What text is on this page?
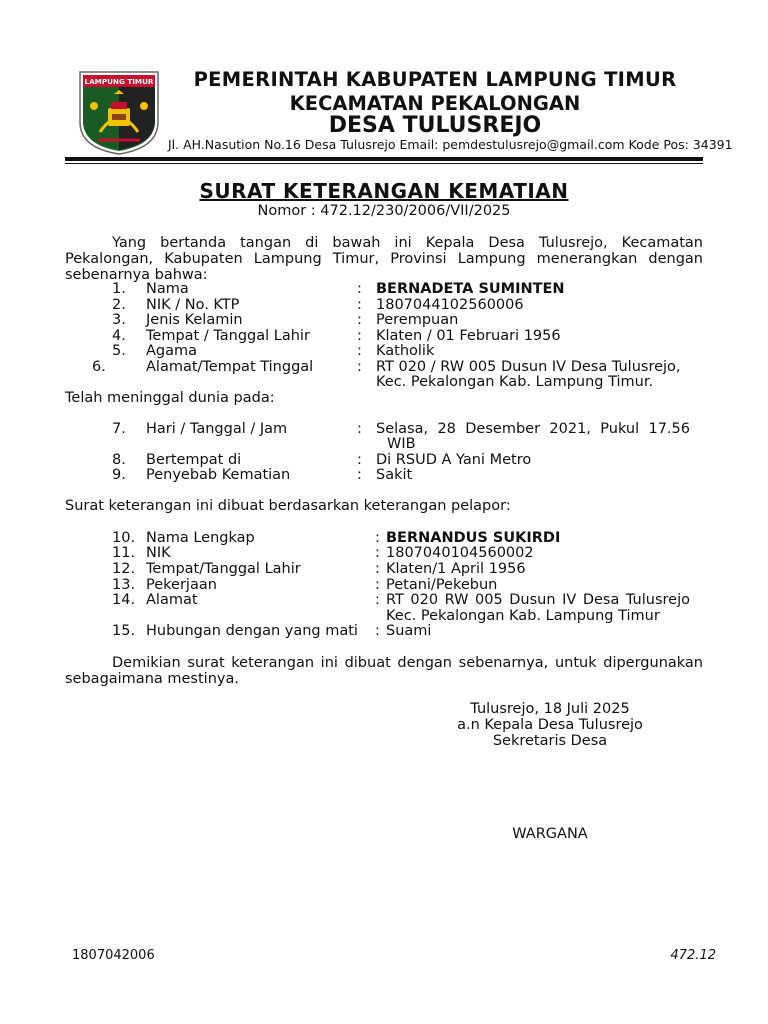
LAMPUNG TIMUR	PEMERINTAH KABUPATEN LAMPUNG TIMUR
KECAMATAN PEKALONGAN
DESA TULUSREJO
Jl. AH.Nasution No.16 Desa Tulusrejo Email: pemdestulusrejo@gmail.com Kode Pos: 34391
SURAT KETERANGAN KEMATIAN
Nomor : 472.12/230/2006/VII/2025
Yang bertanda tangan di bawah ini Kepala Desa Tulusrejo, Kecamatan Pekalongan, Kabupaten Lampung Timur, Provinsi Lampung menerangkan dengan sebenarnya bahwa:
1. Nama	: BERNADETA SUMINTEN
2. NIK / No. KTP	: 1807044102560006
3. Jenis Kelamin	: Perempuan
4. Tempat / Tanggal Lahir	: Klaten / 01 Februari 1956
5. Agama	: Katholik
6.	Alamat/Tempat Tinggal	: RT 020 / RW 005 Dusun IV Desa Tulusrejo,
Kec. Pekalongan Kab. Lampung Timur.
Telah meninggal dunia pada:
7. Hari / Tanggal / Jam	: Selasa, 28 Desember 2021, Pukul 17.56
WIB
8. Bertempat di	: Di RSUD A Yani Metro
9. Penyebab Kematian	: Sakit
Surat keterangan ini dibuat berdasarkan keterangan pelapor:
10. Nama Lengkap	: BERNANDUS SUKIRDI
11. NIK	: 1807040104560002
12. Tempat/Tanggal Lahir	: Klaten/1 April 1956
13. Pekerjaan	: Petani/Pekebun
14. Alamat	: RT 020 RW 005 Dusun IV Desa Tulusrejo
Kec. Pekalongan Kab. Lampung Timur
15. Hubungan dengan yang mati : Suami
Demikian surat keterangan ini dibuat dengan sebenarnya, untuk dipergunakan sebagaimana mestinya.
Tulusrejo, 18 Juli 2025
a.n Kepala Desa Tulusrejo
Sekretaris Desa
WARGANA
1807042006	472.12
